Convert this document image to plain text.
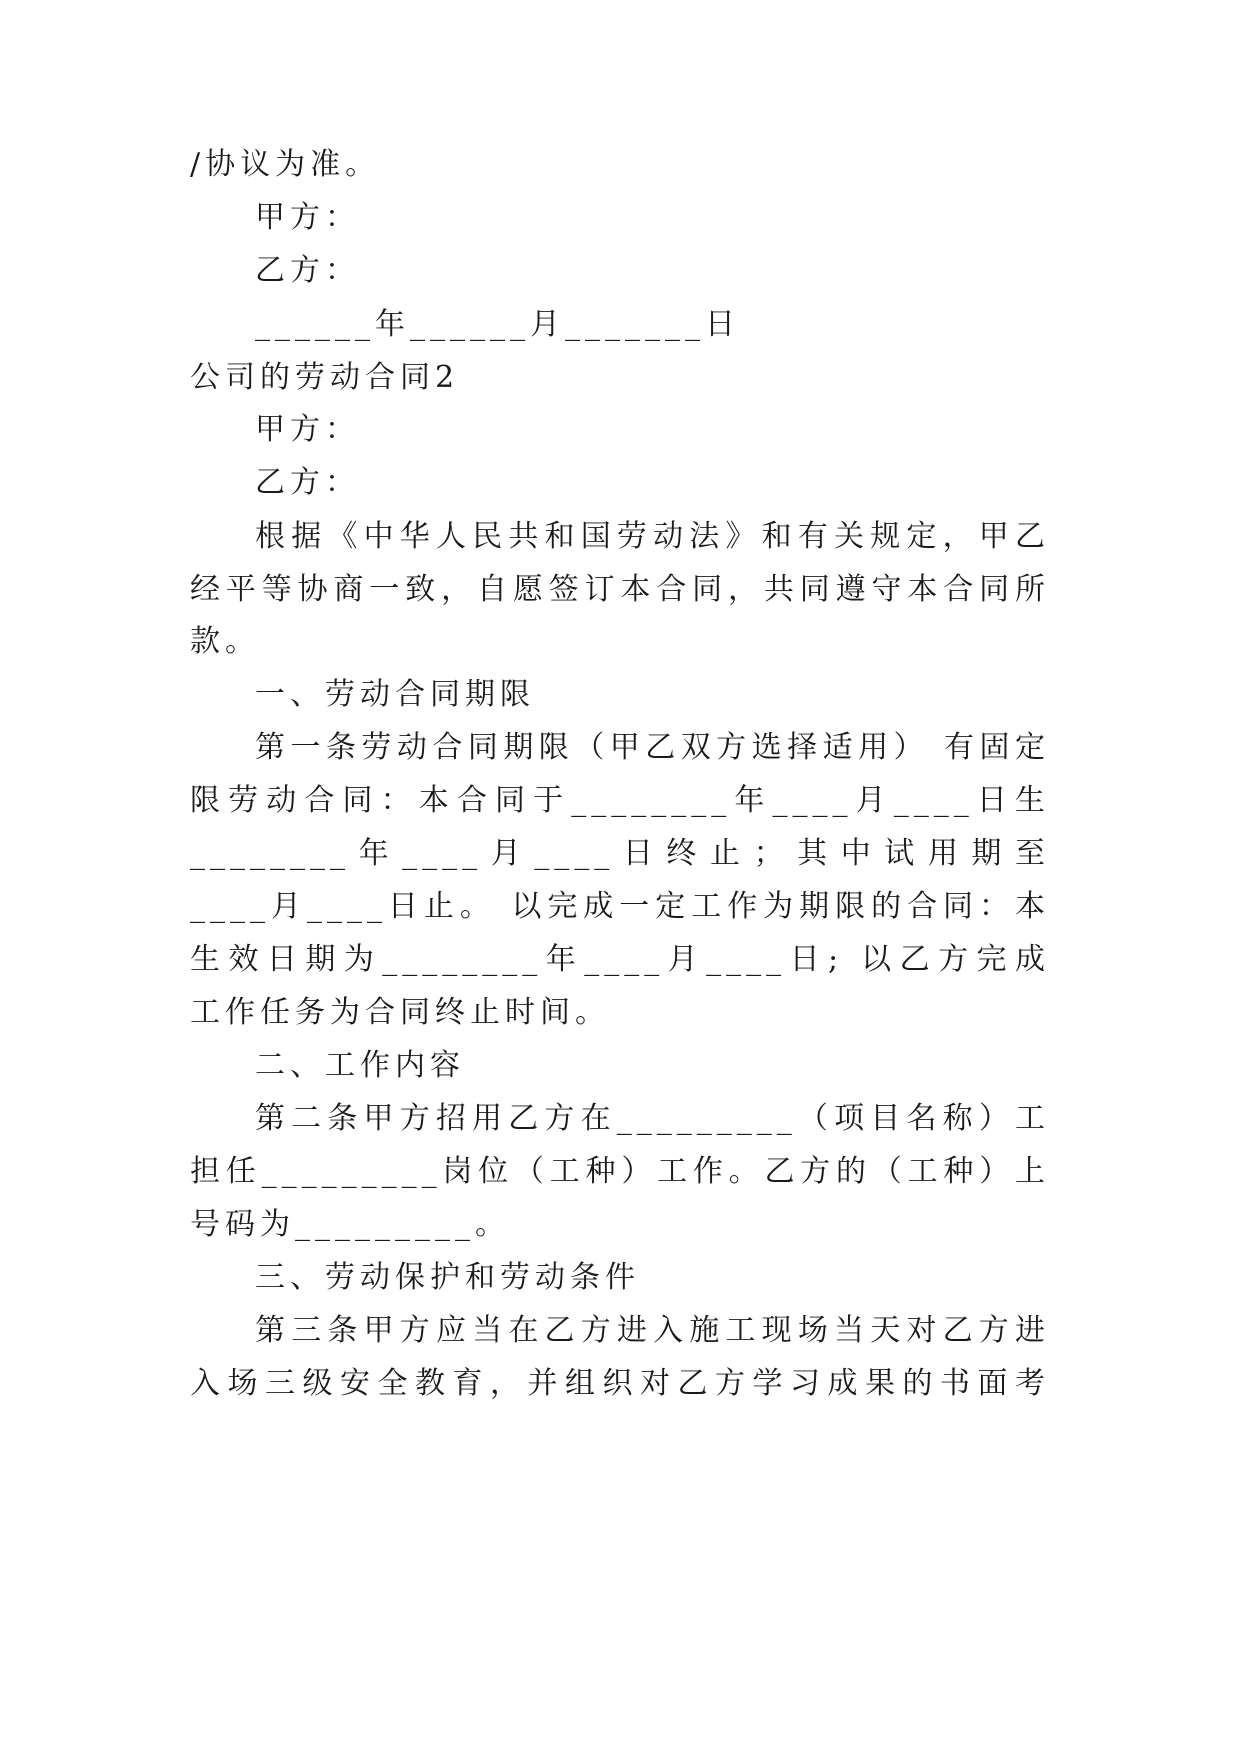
/协议为准。
甲方：
乙方：
______年______月_______日
公司的劳动合同2
甲方：
乙方：
根据《中华人民共和国劳动法》和有关规定，甲乙
经平等协商一致，自愿签订本合同，共同遵守本合同所
款。
一、劳动合同期限
第一条劳动合同期限（甲乙双方选择适用） 有固定
限劳动合同：本合同于________年____月____日生
________年____月____日终止；其中试用期至
____月____日止。 以完成一定工作为期限的合同：本
生效日期为________年____月____日; 以乙方完成
工作任务为合同终止时间。
二、工作内容
第二条甲方招用乙方在_________（项目名称）工
担任_________岗位（工种）工作。乙方的（工种）上
号码为_________。
三、劳动保护和劳动条件
第三条甲方应当在乙方进入施工现场当天对乙方进
入场三级安全教育，并组织对乙方学习成果的书面考
